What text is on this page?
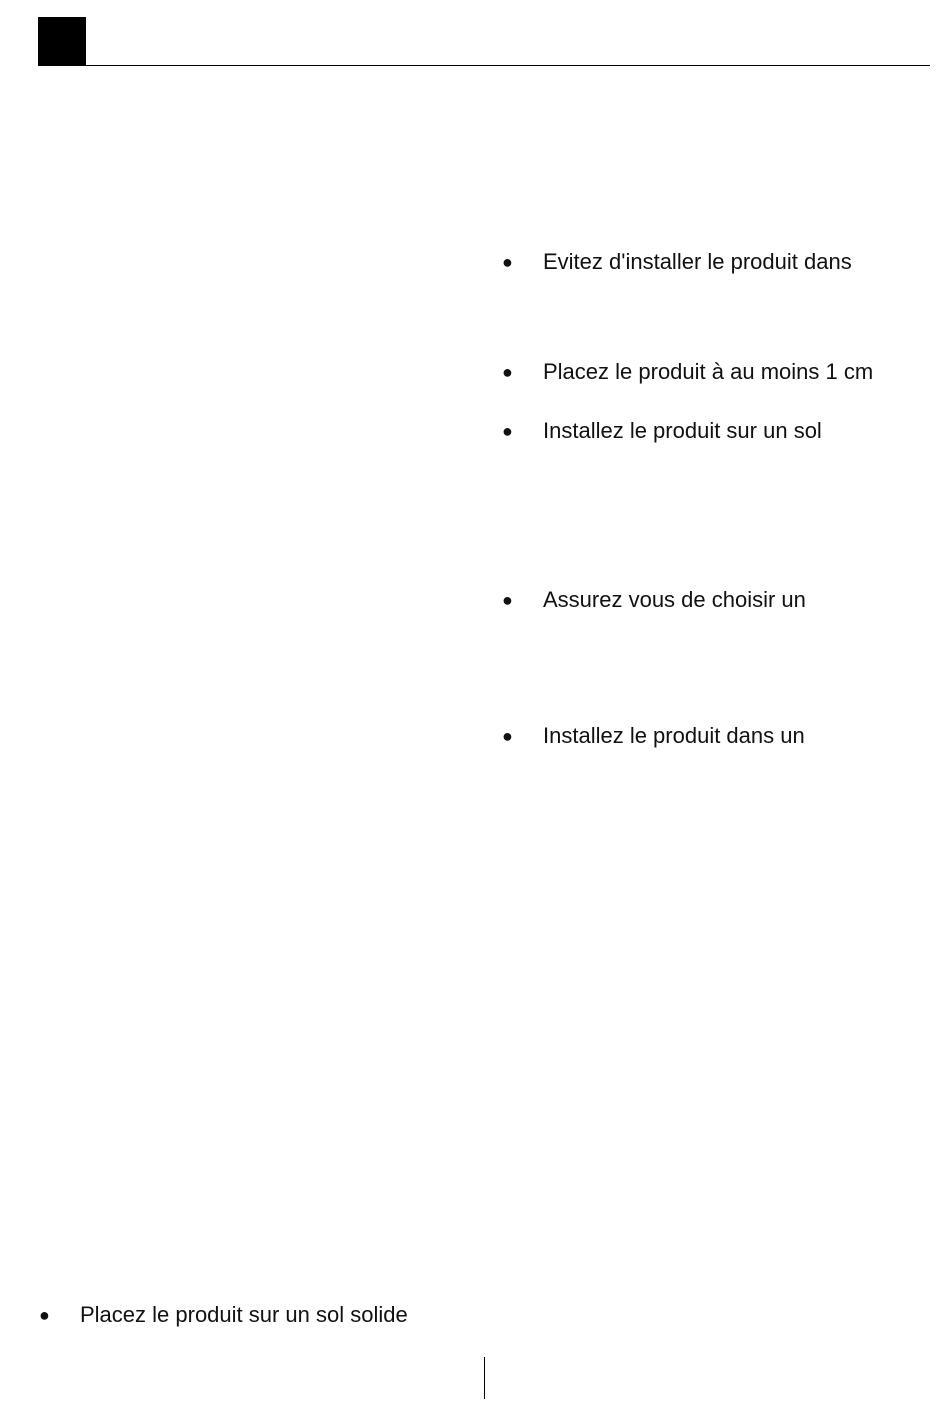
●	Evitez d'installer le produit dans
●	Placez le produit à au moins 1 cm
●	Installez le produit sur un sol
●	Assurez vous de choisir un
●	Installez le produit dans un
●	Placez le produit sur un sol solide
